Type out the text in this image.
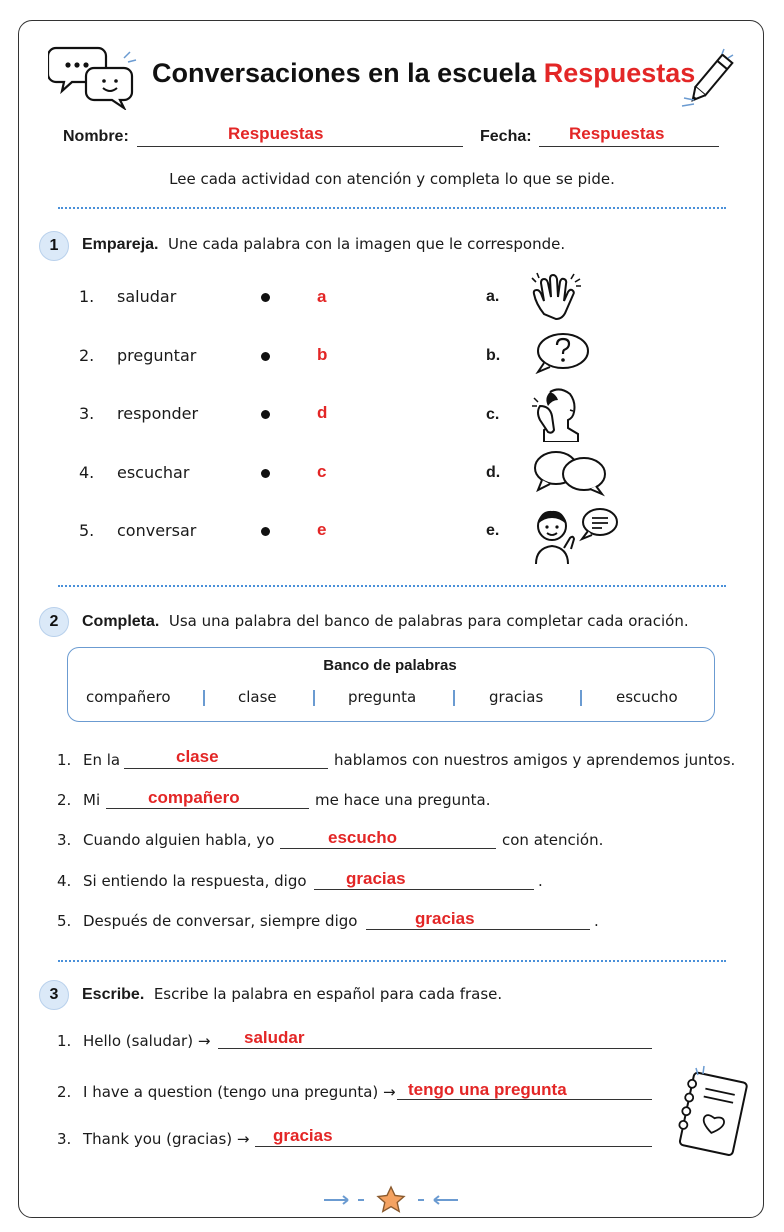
Conversaciones en la escuela Respuestas
Nombre:	Respuestas	Fecha: Respuestas
Lee cada actividad con atención y completa lo que se pide.
1	Empareja. Une cada palabra con la imagen que le corresponde.
1. saludar	a	a.
2. preguntar	b	b.
3. responder	d	c.
4. escuchar	c	d.
5. conversar	e	e.
2	Completa. Usa una palabra del banco de palabras para completar cada oración.
Banco de palabras
compañero	clase	pregunta	gracias	escucho
1. En la	clase	hablamos con nuestros amigos y aprendemos juntos.
2. Mi	compañero	me hace una pregunta.
3. Cuando alguien habla, yo	escucho	con atención.
4. Si entiendo la respuesta, digo gracias	.
5. Después de conversar, siempre digo	gracias	.
3	Escribe. Escribe la palabra en español para cada frase.
1. Hello (saludar) → saludar
2. I have a question (tengo una pregunta) → tengo una pregunta
3. Thank you (gracias) → gracias
